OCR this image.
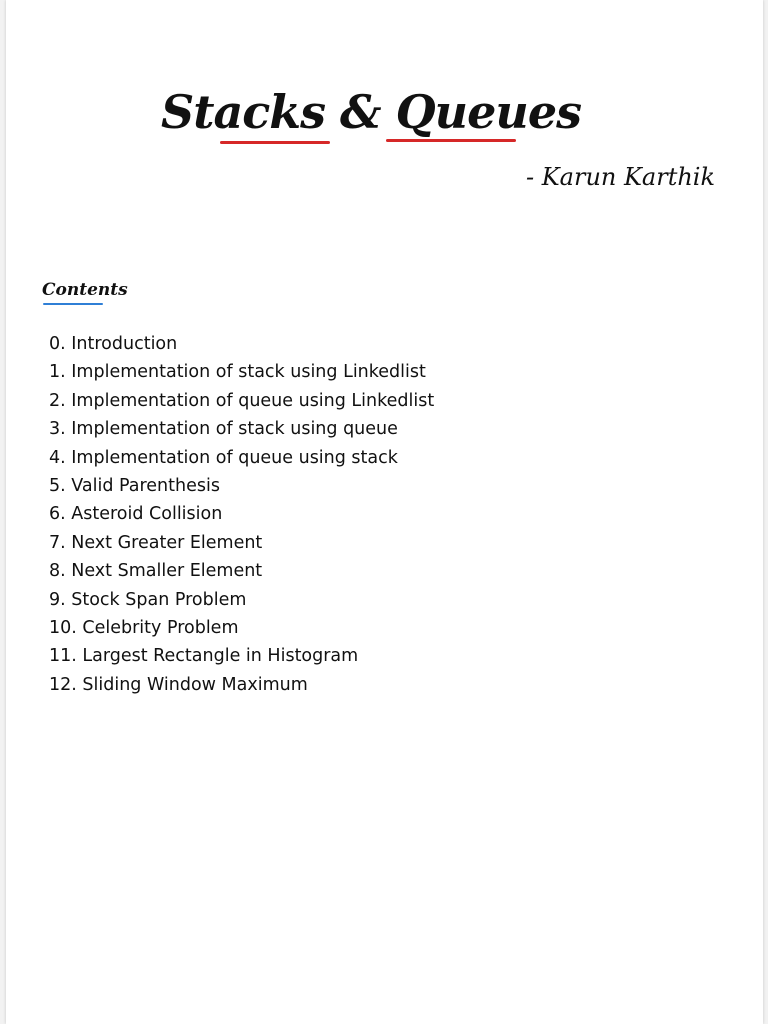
Stacks & Queues
- Karun Karthik
Contents
0. Introduction
1. Implementation of stack using Linkedlist
2. Implementation of queue using Linkedlist
3. Implementation of stack using queue
4. Implementation of queue using stack
5. Valid Parenthesis
6. Asteroid Collision
7. Next Greater Element
8. Next Smaller Element
9. Stock Span Problem
10. Celebrity Problem
11. Largest Rectangle in Histogram
12. Sliding Window Maximum
